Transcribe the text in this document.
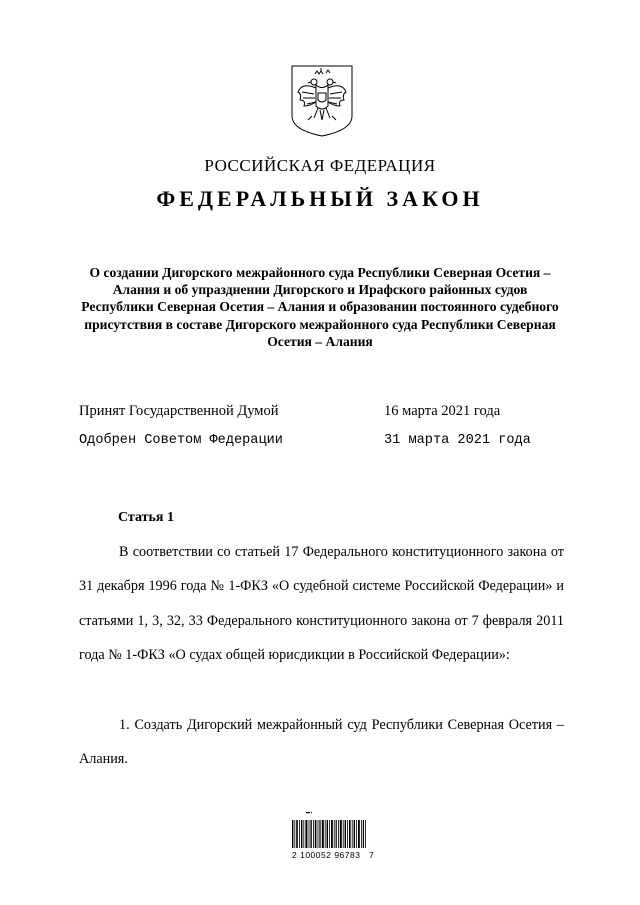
РОССИЙСКАЯ ФЕДЕРАЦИЯ
ФЕДЕРАЛЬНЫЙ ЗАКОН
О создании Дигорского межрайонного суда Республики Северная Осетия – Алания и об упразднении Дигорского и Ирафского районных судов Республики Северная Осетия – Алания и образовании постоянного судебного присутствия в составе Дигорского межрайонного суда Республики Северная Осетия – Алания
Принят Государственной Думой	16 марта 2021 года
Одобрен Советом Федерации	31 марта 2021 года
Статья 1
В соответствии со статьей 17 Федерального конституционного закона от 31 декабря 1996 года № 1-ФКЗ «О судебной системе Российской Федерации» и статьями 1, 3, 32, 33 Федерального конституционного закона от 7 февраля 2011 года № 1-ФКЗ «О судах общей юрисдикции в Российской Федерации»:
1. Создать Дигорский межрайонный суд Республики Северная Осетия – Алания.
2 100052 96783   7
